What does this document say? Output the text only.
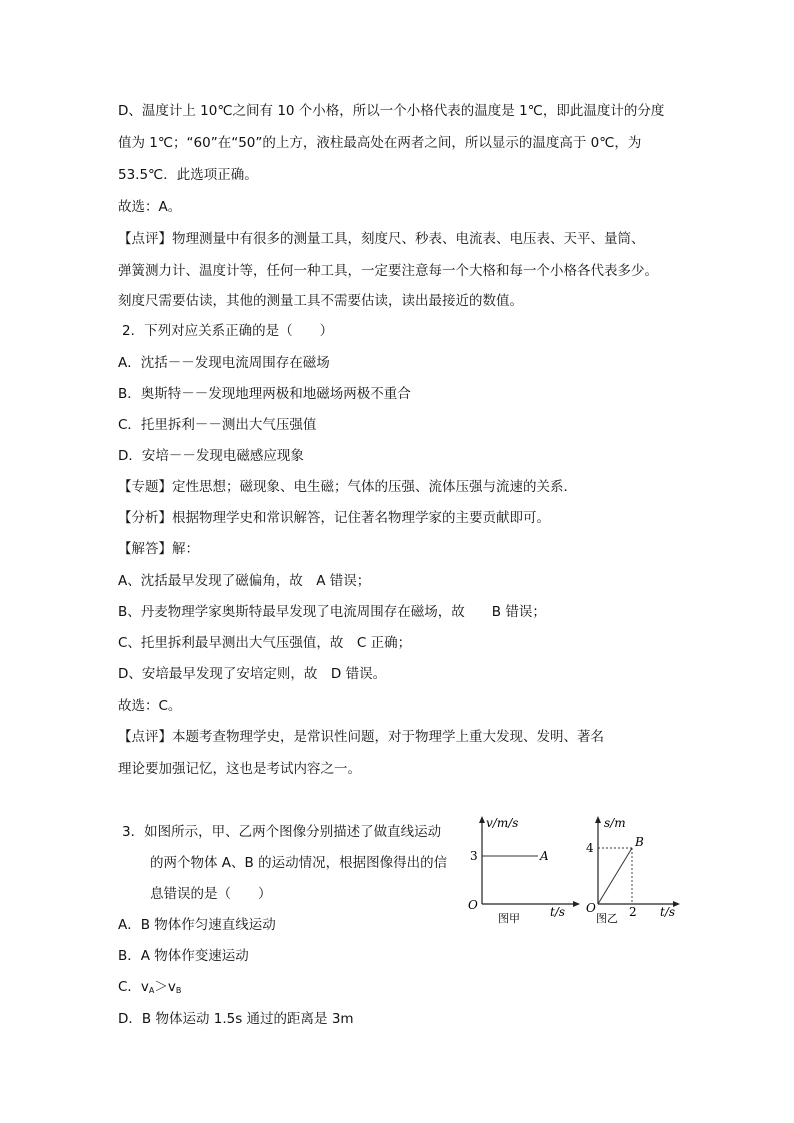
D、温度计上 10℃之间有 10 个小格，所以一个小格代表的温度是 1℃，即此温度计的分度
值为 1℃；“60”在“50”的上方，液柱最高处在两者之间，所以显示的温度高于 0℃，为
53.5℃．此选项正确。
故选：A。
【点评】物理测量中有很多的测量工具，刻度尺、秒表、电流表、电压表、天平、量筒、
弹簧测力计、温度计等，任何一种工具，一定要注意每一个大格和每一个小格各代表多少。
刻度尺需要估读，其他的测量工具不需要估读，读出最接近的数值。
2．下列对应关系正确的是（　　）
A．沈括－－发现电流周围存在磁场
B．奥斯特－－发现地理两极和地磁场两极不重合
C．托里拆利－－测出大气压强值
D．安培－－发现电磁感应现象
【专题】定性思想；磁现象、电生磁；气体的压强、流体压强与流速的关系．
【分析】根据物理学史和常识解答，记住著名物理学家的主要贡献即可。
【解答】解：
A、沈括最早发现了磁偏角，故　A 错误；
B、丹麦物理学家奥斯特最早发现了电流周围存在磁场，故　　B 错误；
C、托里拆利最早测出大气压强值，故　C 正确；
D、安培最早发现了安培定则，故　D 错误。
故选：C。
【点评】本题考查物理学史，是常识性问题，对于物理学上重大发现、发明、著名
理论要加强记忆，这也是考试内容之一。
3．如图所示，甲、乙两个图像分别描述了做直线运动
的两个物体 A、B 的运动情况，根据图像得出的信
息错误的是（　　）
A．B 物体作匀速直线运动
B．A 物体作变速运动
C．$v_A>v_B$
D．B 物体运动 1.5s 通过的距离是 3m
v/m/s
3	A
O	t/s
图甲
s/m
4	B
O	2 t/s
图乙
